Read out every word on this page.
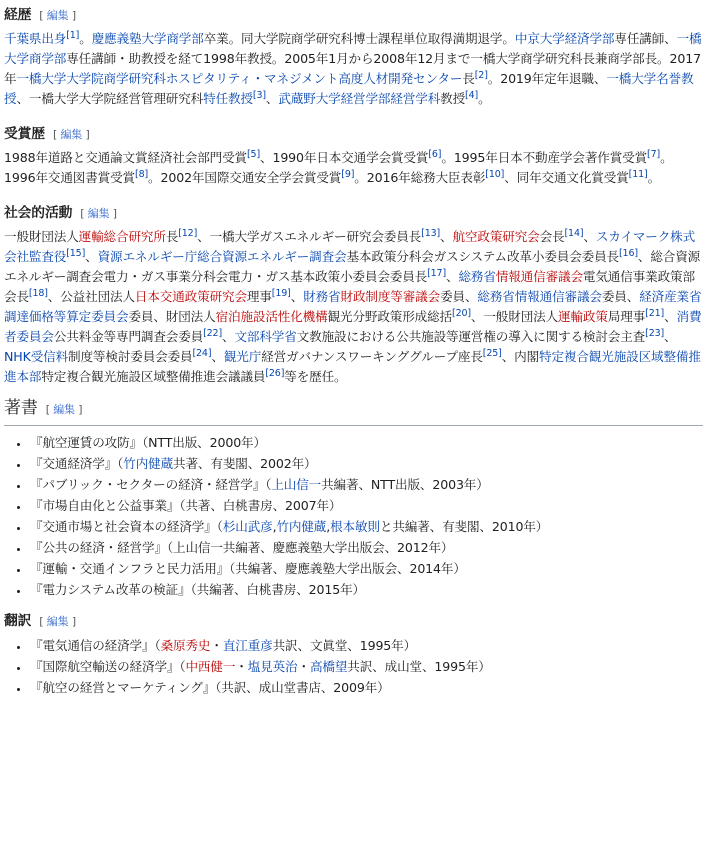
経歴 [ 編集 ]

千葉県出身[1]。慶應義塾大学商学部卒業。同大学院商学研究科博士課程単位取得満期退学。中京大学経済学部専任講師、一橋大学商学部専任講師・助教授を経て1998年教授。2005年1月から2008年12月まで一橋大学商学研究科長兼商学部長。2017年一橋大学大学院商学研究科ホスピタリティ・マネジメント高度人材開発センター長[2]。2019年定年退職、一橋大学名誉教授、一橋大学大学院経営管理研究科特任教授[3]、武蔵野大学経営学部経営学科教授[4]。

受賞歴 [ 編集 ]

1988年道路と交通論文賞経済社会部門受賞[5]、1990年日本交通学会賞受賞[6]。1995年日本不動産学会著作賞受賞[7]。1996年交通図書賞受賞[8]。2002年国際交通安全学会賞受賞[9]。2016年総務大臣表彰[10]、同年交通文化賞受賞[11]。

社会的活動 [ 編集 ]

一般財団法人運輸総合研究所長[12]、一橋大学ガスエネルギー研究会委員長[13]、航空政策研究会会長[14]、スカイマーク株式会社監査役[15]、資源エネルギー庁総合資源エネルギー調査会基本政策分科会ガスシステム改革小委員会委員長[16]、総合資源エネルギー調査会電力・ガス事業分科会電力・ガス基本政策小委員会委員長[17]、総務省情報通信審議会電気通信事業政策部会長[18]、公益社団法人日本交通政策研究会理事[19]、財務省財政制度等審議会委員、総務省情報通信審議会委員、経済産業省調達価格等算定委員会委員、財団法人宿泊施設活性化機構観光分野政策形成総括[20]、一般財団法人運輸政策局理事[21]、消費者委員会公共料金等専門調査会委員[22]、文部科学省文教施設における公共施設等運営権の導入に関する検討会主査[23]、NHK受信料制度等検討委員会委員[24]、観光庁経営ガバナンスワーキンググループ座長[25]、内閣特定複合観光施設区域整備推進本部特定複合観光施設区域整備推進会議議員[26]等を歴任。

著書 [ 編集 ]
• 『航空運賃の攻防』（NTT出版、2000年）
• 『交通経済学』（竹内健蔵共著、有斐閣、2002年）
• 『パブリック・セクターの経済・経営学』（上山信一共編著、NTT出版、2003年）
• 『市場自由化と公益事業』（共著、白桃書房、2007年）
• 『交通市場と社会資本の経済学』（杉山武彦,竹内健蔵,根本敏則と共編著、有斐閣、2010年）
• 『公共の経済・経営学』（上山信一共編著、慶應義塾大学出版会、2012年）
• 『運輸・交通インフラと民力活用』（共編著、慶應義塾大学出版会、2014年）
• 『電力システム改革の検証』（共編著、白桃書房、2015年）
翻訳 [ 編集 ]
• 『電気通信の経済学』（桑原秀史・直江重彦共訳、文眞堂、1995年）
• 『国際航空輸送の経済学』（中西健一・塩見英治・高橋望共訳、成山堂、1995年）
• 『航空の経営とマーケティング』（共訳、成山堂書店、2009年）
